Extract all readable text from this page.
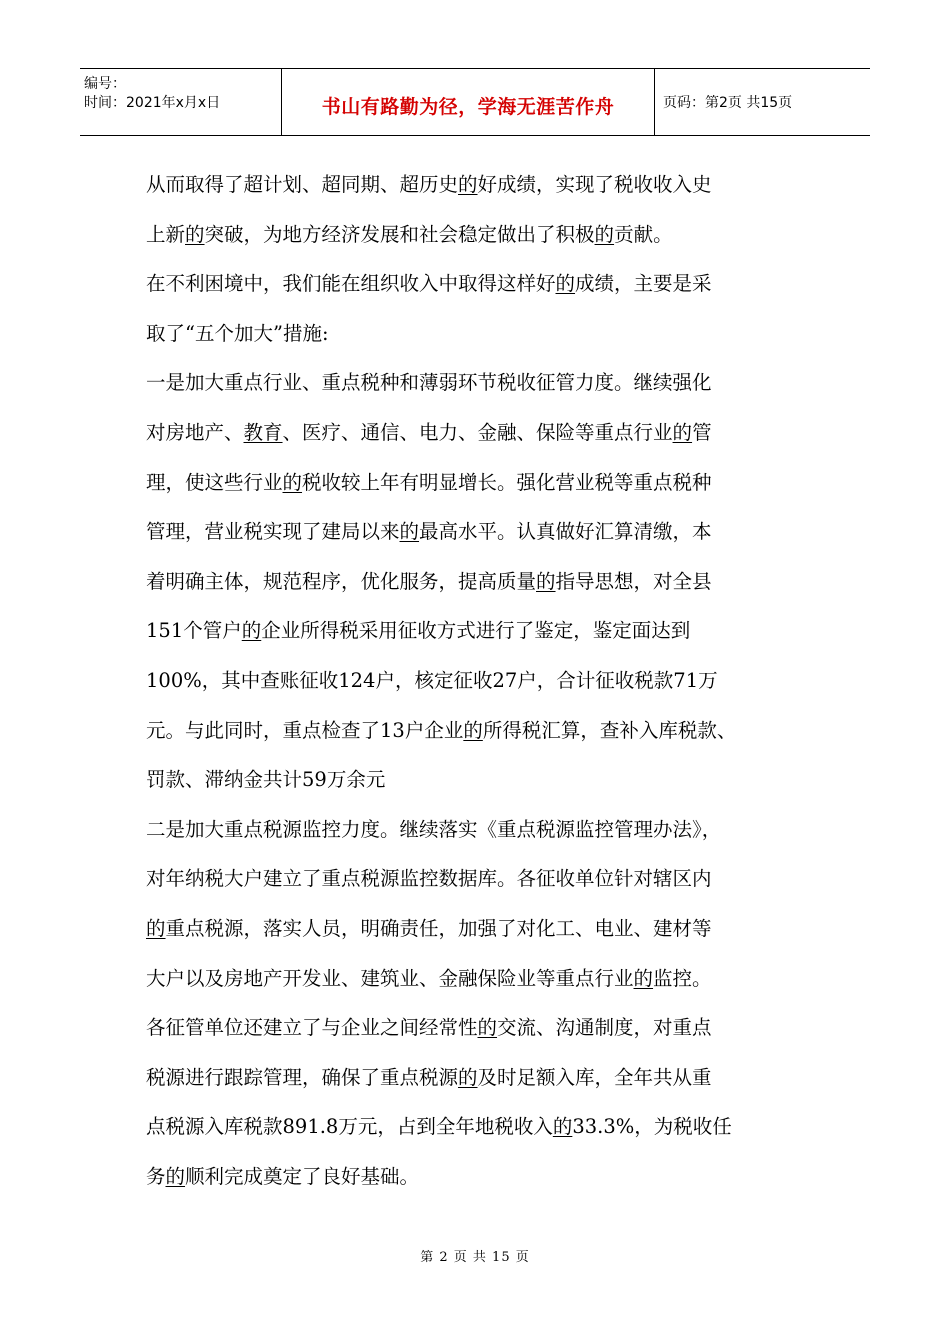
编号：
时间：2021年x月x日	书山有路勤为径，学海无涯苦作舟	页码：第2页 共15页
从而取得了超计划、超同期、超历史的好成绩，实现了税收收入史
上新的突破，为地方经济发展和社会稳定做出了积极的贡献。
在不利困境中，我们能在组织收入中取得这样好的成绩，主要是采
取了“五个加大”措施:
一是加大重点行业、重点税种和薄弱环节税收征管力度。继续强化
对房地产、教育、医疗、通信、电力、金融、保险等重点行业的管
理，使这些行业的税收较上年有明显增长。强化营业税等重点税种
管理，营业税实现了建局以来的最高水平。认真做好汇算清缴，本
着明确主体，规范程序，优化服务，提高质量的指导思想，对全县
151个管户的企业所得税采用征收方式进行了鉴定，鉴定面达到
100%，其中查账征收124户，核定征收27户，合计征收税款71万
元。与此同时，重点检查了13户企业的所得税汇算，查补入库税款、
罚款、滞纳金共计59万余元
二是加大重点税源监控力度。继续落实《重点税源监控管理办法》，
对年纳税大户建立了重点税源监控数据库。各征收单位针对辖区内
的重点税源，落实人员，明确责任，加强了对化工、电业、建材等
大户以及房地产开发业、建筑业、金融保险业等重点行业的监控。
各征管单位还建立了与企业之间经常性的交流、沟通制度，对重点
税源进行跟踪管理，确保了重点税源的及时足额入库，全年共从重
点税源入库税款891.8万元，占到全年地税收入的33.3%，为税收任
务的顺利完成奠定了良好基础。
第 2 页 共 15 页
